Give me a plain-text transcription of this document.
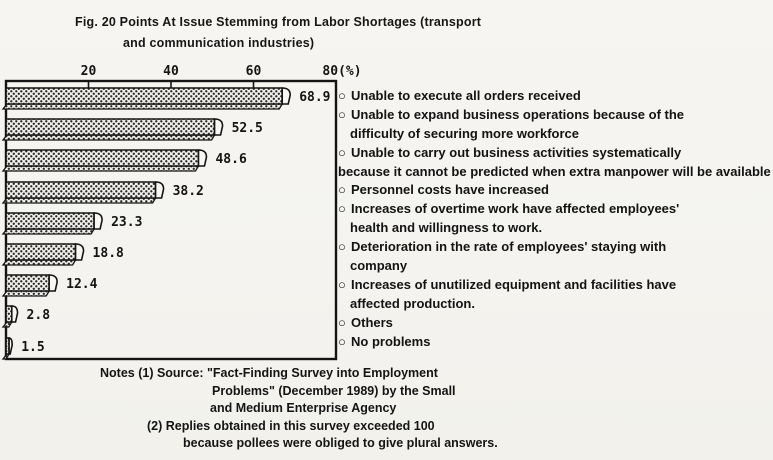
Fig. 20 Points At Issue Stemming from Labor Shortages (transport
and communication industries)
20	40	60	80(%)
68.9
52.5
48.6
38.2
23.3
18.8
12.4
2.8
1.5
○ Unable to execute all orders received
○ Unable to expand business operations because of the
difficulty of securing more workforce
○ Unable to carry out business activities systematically
because it cannot be predicted when extra manpower will be available
○ Personnel costs have increased
○ Increases of overtime work have affected employees'
health and willingness to work.
○ Deterioration in the rate of employees' staying with
company
○ Increases of unutilized equipment and facilities have
affected production.
○ Others
○ No problems
Notes (1) Source: "Fact-Finding Survey into Employment
Problems" (December 1989) by the Small
and Medium Enterprise Agency
(2) Replies obtained in this survey exceeded 100
because pollees were obliged to give plural answers.
